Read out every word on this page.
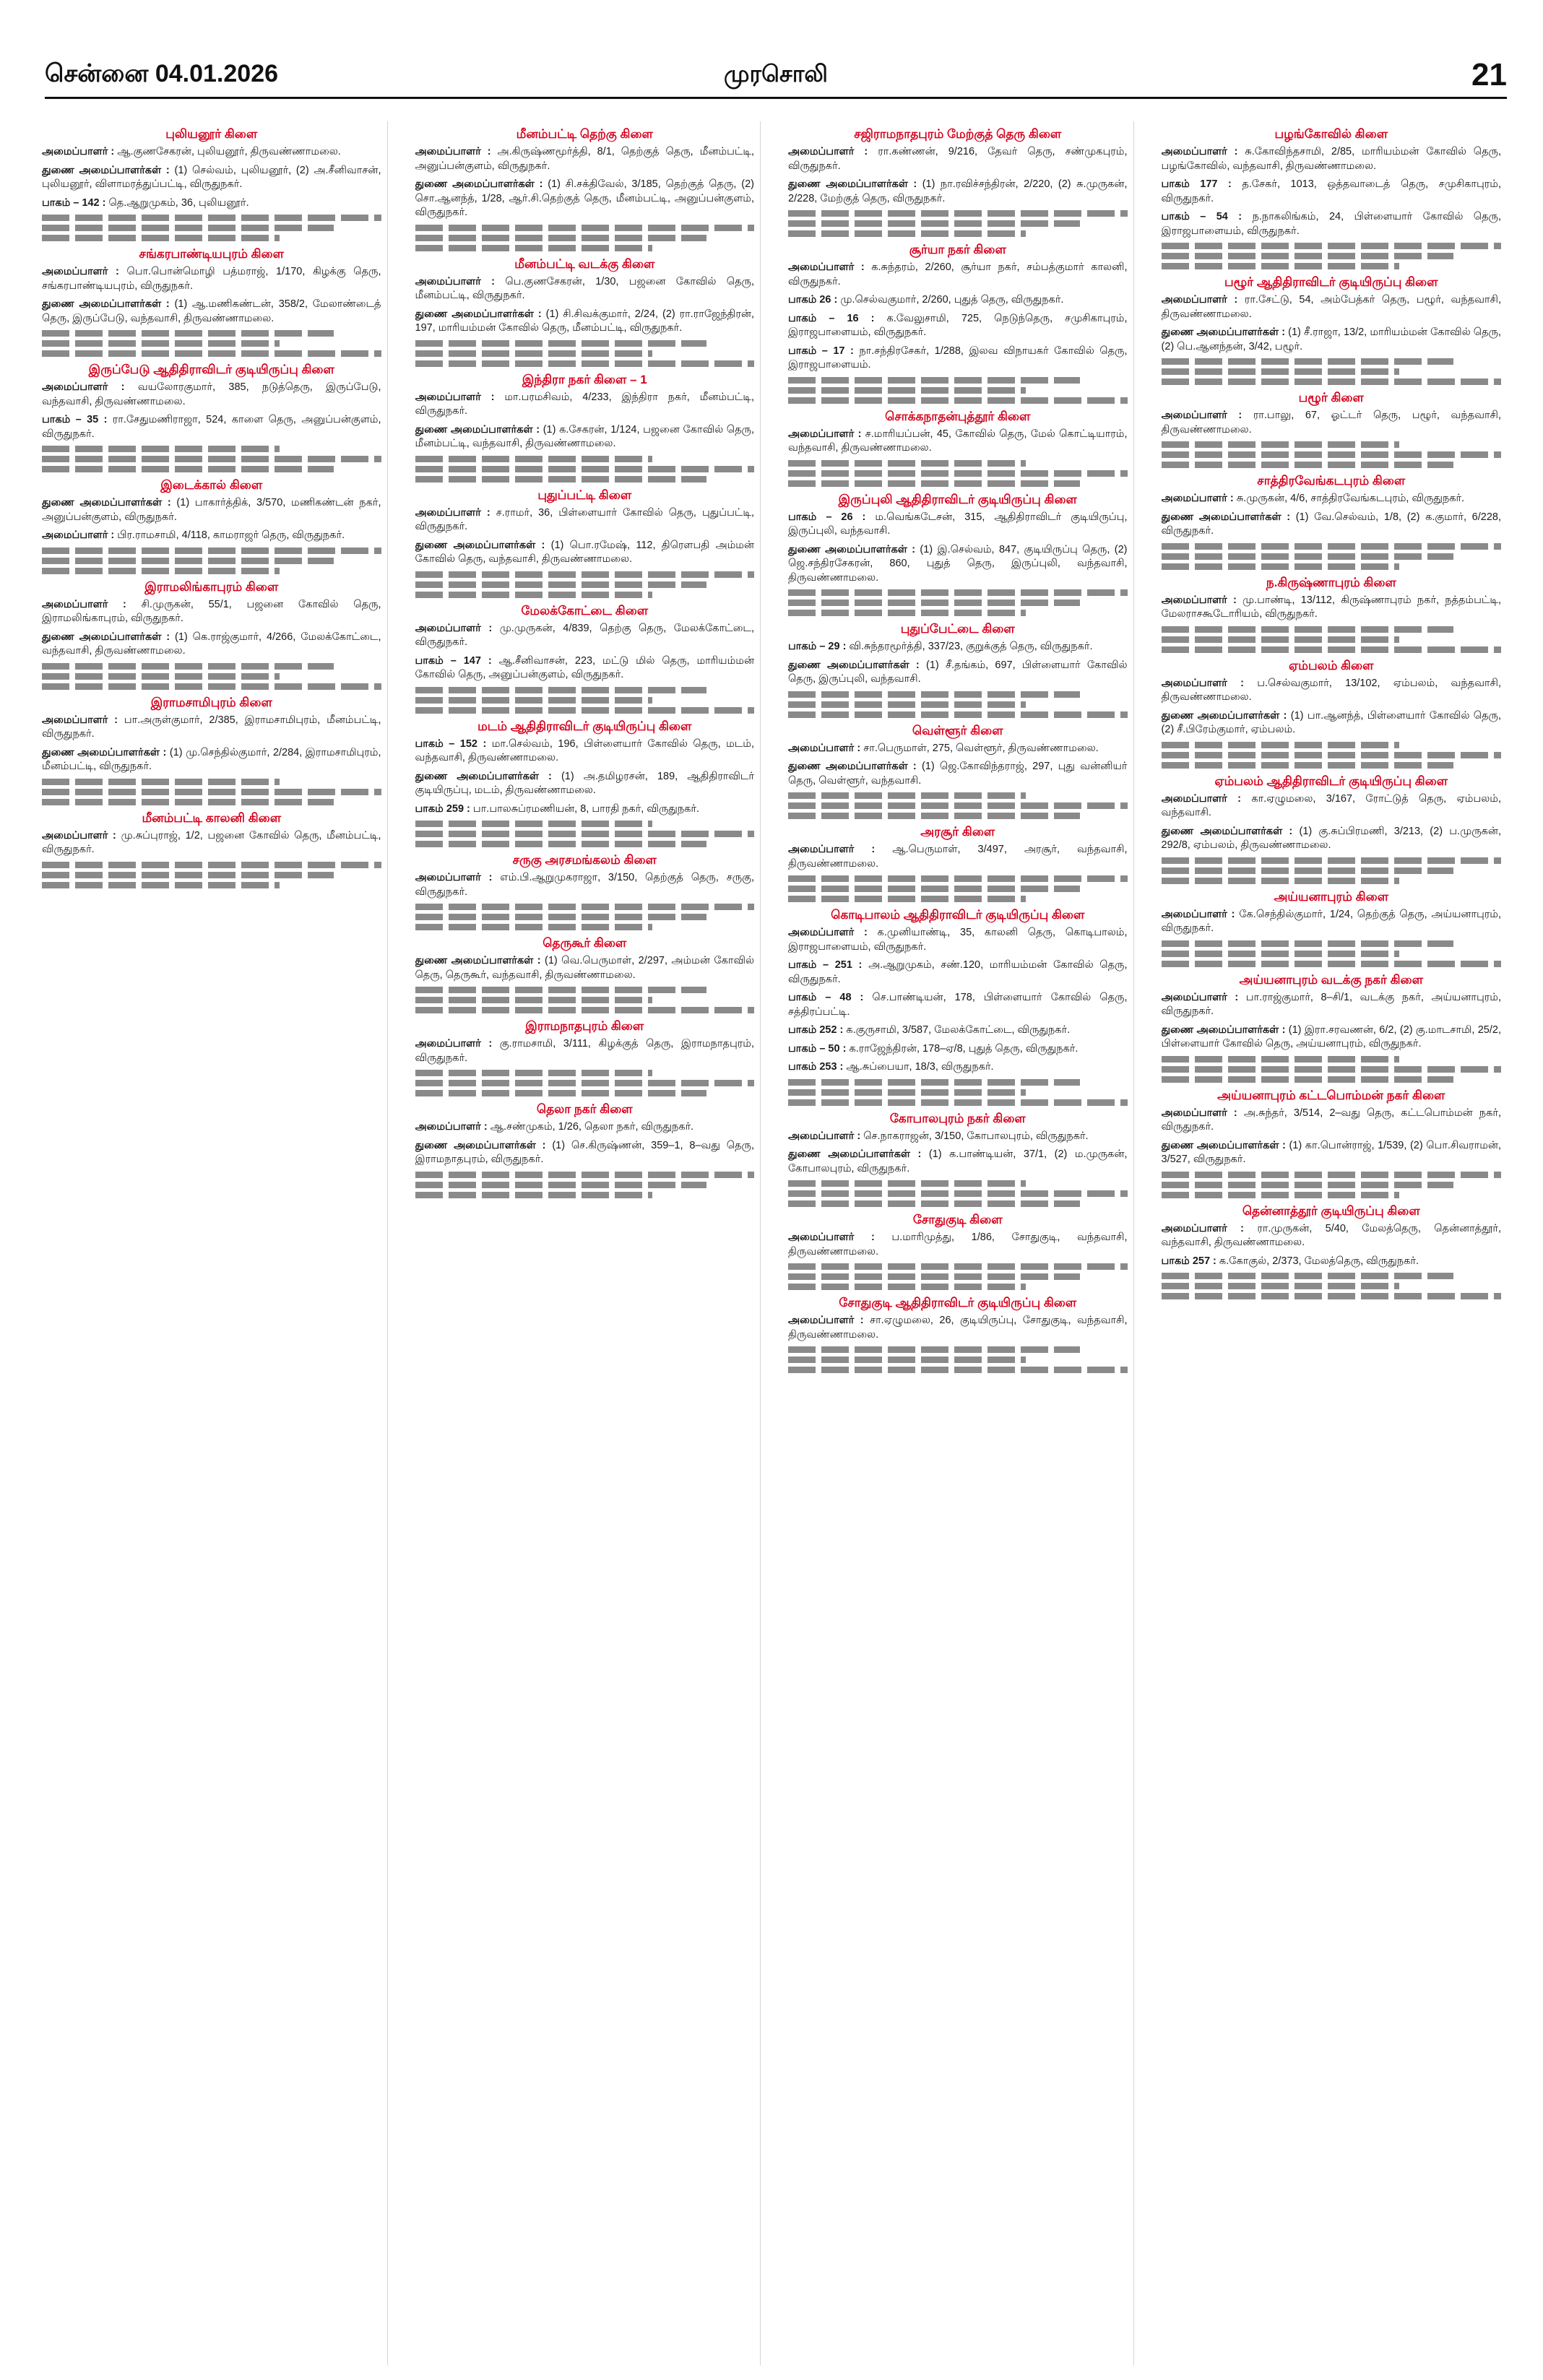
சென்னை 04.01.2026	முரசொலி	21
புலியனூர் கிளை

அமைப்பாளர் : ஆ.குணசேகரன், புலியனூர், திருவண்ணாமலை.

துணை அமைப்பாளர்கள் : (1) செல்வம், புலியனூர், (2) அ.சீனிவாசன், புலியனூர், விளாமரத்துப்பட்டி, விருதுநகர்.

பாகம் – 142 : தெ.ஆறுமுகம், 36, புலியனூர்.

சங்கரபாண்டியபுரம் கிளை

அமைப்பாளர் : பொ.பொன்மொழி பத்மராஜ், 1/170, கிழக்கு தெரு, சங்கரபாண்டியபுரம், விருதுநகர்.

துணை அமைப்பாளர்கள் : (1) ஆ.மணிகண்டன், 358/2, மேலாண்டைத் தெரு, இருப்பேடு, வந்தவாசி, திருவண்ணாமலை.

இருப்பேடு ஆதிதிராவிடர் குடியிருப்பு கிளை

அமைப்பாளர் : வயலோரகுமார், 385, நடுத்தெரு, இருப்பேடு, வந்தவாசி, திருவண்ணாமலை.

பாகம் – 35 : ரா.சேதுமணிராஜா, 524, காளை தெரு, அனுப்பன்குளம், விருதுநகர்.

இடைக்கால் கிளை

துணை அமைப்பாளர்கள் : (1) பாகார்த்திக், 3/570, மணிகண்டன் நகர், அனுப்பன்குளம், விருதுநகர்.

அமைப்பாளர் : பிர.ராமசாமி, 4/118, காமராஜர் தெரு, விருதுநகர்.

இராமலிங்காபுரம் கிளை

அமைப்பாளர் : சி.முருகன், 55/1, பஜனை கோவில் தெரு, இராமலிங்காபுரம், விருதுநகர்.

துணை அமைப்பாளர்கள் : (1) கெ.ராஜ்குமார், 4/266, மேலக்கோட்டை, வந்தவாசி, திருவண்ணாமலை.

இராமசாமிபுரம் கிளை

அமைப்பாளர் : பா.அருள்குமார், 2/385, இராமசாமிபுரம், மீனம்பட்டி, விருதுநகர்.

துணை அமைப்பாளர்கள் : (1) மு.செந்தில்குமார், 2/284, இராமசாமிபுரம், மீனம்பட்டி, விருதுநகர்.

மீனம்பட்டி காலனி கிளை

அமைப்பாளர் : மு.சுப்புராஜ், 1/2, பஜனை கோவில் தெரு, மீனம்பட்டி, விருதுநகர்.

மீனம்பட்டி தெற்கு கிளை

அமைப்பாளர் : அ.கிருஷ்ணமூர்த்தி, 8/1, தெற்குத் தெரு, மீனம்பட்டி, அனுப்பன்குளம், விருதுநகர்.

துணை அமைப்பாளர்கள் : (1) சி.சக்திவேல், 3/185, தெற்குத் தெரு, (2) சொ.ஆனந்த், 1/28, ஆர்.சி.தெற்குத் தெரு, மீனம்பட்டி, அனுப்பன்குளம், விருதுநகர்.

மீனம்பட்டி வடக்கு கிளை

அமைப்பாளர் : பெ.குணசேகரன், 1/30, பஜனை கோவில் தெரு, மீனம்பட்டி, விருதுநகர்.

துணை அமைப்பாளர்கள் : (1) சி.சிவக்குமார், 2/24, (2) ரா.ராஜேந்திரன், 197, மாரியம்மன் கோவில் தெரு, மீனம்பட்டி, விருதுநகர்.

இந்திரா நகர் கிளை – 1

அமைப்பாளர் : மா.பரமசிவம், 4/233, இந்திரா நகர், மீனம்பட்டி, விருதுநகர்.

துணை அமைப்பாளர்கள் : (1) க.சேகரன், 1/124, பஜனை கோவில் தெரு, மீனம்பட்டி, வந்தவாசி, திருவண்ணாமலை.

புதுப்பட்டி கிளை

அமைப்பாளர் : ச.ராமர், 36, பிள்ளையார் கோவில் தெரு, புதுப்பட்டி, விருதுநகர்.

துணை அமைப்பாளர்கள் : (1) பொ.ரமேஷ், 112, திரௌபதி அம்மன் கோவில் தெரு, வந்தவாசி, திருவண்ணாமலை.

மேலக்கோட்டை கிளை

அமைப்பாளர் : மு.முருகன், 4/839, தெற்கு தெரு, மேலக்கோட்டை, விருதுநகர்.

பாகம் – 147 : ஆ.சீனிவாசன், 223, மட்டு மில் தெரு, மாரியம்மன் கோவில் தெரு, அனுப்பன்குளம், விருதுநகர்.

மடம் ஆதிதிராவிடர் குடியிருப்பு கிளை

பாகம் – 152 : மா.செல்வம், 196, பிள்ளையார் கோவில் தெரு, மடம், வந்தவாசி, திருவண்ணாமலை.

துணை அமைப்பாளர்கள் : (1) அ.தமிழரசன், 189, ஆதிதிராவிடர் குடியிருப்பு, மடம், திருவண்ணாமலை.

பாகம் 259 : பா.பாலசுப்ரமணியன், 8, பாரதி நகர், விருதுநகர்.

சருகு அரசமங்கலம் கிளை

அமைப்பாளர் : எம்.பி.ஆறுமுகராஜா, 3/150, தெற்குத் தெரு, சருகு, விருதுநகர்.

தெருகூர் கிளை

துணை அமைப்பாளர்கள் : (1) வெ.பெருமாள், 2/297, அம்மன் கோவில் தெரு, தெருகூர், வந்தவாசி, திருவண்ணாமலை.

இராமநாதபுரம் கிளை

அமைப்பாளர் : கு.ராமசாமி, 3/111, கிழக்குத் தெரு, இராமநாதபுரம், விருதுநகர்.

தெலா நகர் கிளை

அமைப்பாளர் : ஆ.சண்முகம், 1/26, தெலா நகர், விருதுநகர்.

துணை அமைப்பாளர்கள் : (1) செ.கிருஷ்ணன், 359–1, 8–வது தெரு, இராமநாதபுரம், விருதுநகர்.

சஜிராமநாதபுரம் மேற்குத் தெரு கிளை

அமைப்பாளர் : ரா.கண்ணன், 9/216, தேவர் தெரு, சண்முகபுரம், விருதுநகர்.

துணை அமைப்பாளர்கள் : (1) நா.ரவிச்சந்திரன், 2/220, (2) சு.முருகன், 2/228, மேற்குத் தெரு, விருதுநகர்.

சூர்யா நகர் கிளை

அமைப்பாளர் : க.சுந்தரம், 2/260, சூர்யா நகர், சம்பத்குமார் காலனி, விருதுநகர்.

பாகம் 26 : மு.செல்வகுமார், 2/260, புதுத் தெரு, விருதுநகர்.

பாகம் – 16 : க.வேலுசாமி, 725, நெடுந்தெரு, சமுசிகாபுரம், இராஜபாளையம், விருதுநகர்.

பாகம் – 17 : நா.சந்திரசேகர், 1/288, இலவ விநாயகர் கோவில் தெரு, இராஜபாளையம்.

சொக்கநாதன்புத்தூர் கிளை

அமைப்பாளர் : ச.மாரியப்பன், 45, கோவில் தெரு, மேல் கொட்டியாரம், வந்தவாசி, திருவண்ணாமலை.

இருப்புலி ஆதிதிராவிடர் குடியிருப்பு கிளை

பாகம் – 26 : ம.வெங்கடேசன், 315, ஆதிதிராவிடர் குடியிருப்பு, இருப்புலி, வந்தவாசி.

துணை அமைப்பாளர்கள் : (1) இ.செல்வம், 847, குடியிருப்பு தெரு, (2) ஜெ.சந்திரசேகரன், 860, புதுத் தெரு, இருப்புலி, வந்தவாசி, திருவண்ணாமலை.

புதுப்பேட்டை கிளை

பாகம் – 29 : வி.சுந்தரமூர்த்தி, 337/23, குறுக்குத் தெரு, விருதுநகர்.

துணை அமைப்பாளர்கள் : (1) சீ.தங்கம், 697, பிள்ளையார் கோவில் தெரு, இருப்புலி, வந்தவாசி.

வெள்ளூர் கிளை

அமைப்பாளர் : சா.பெருமாள், 275, வெள்ளூர், திருவண்ணாமலை.

துணை அமைப்பாளர்கள் : (1) ஜெ.கோவிந்தராஜ், 297, புது வன்னியர் தெரு, வெள்ளூர், வந்தவாசி.

அரசூர் கிளை

அமைப்பாளர் : ஆ.பெருமாள், 3/497, அரசூர், வந்தவாசி, திருவண்ணாமலை.

கொடிபாலம் ஆதிதிராவிடர் குடியிருப்பு கிளை

அமைப்பாளர் : க.முனியாண்டி, 35, காலனி தெரு, கொடிபாலம், இராஜபாளையம், விருதுநகர்.

பாகம் – 251 : அ.ஆறுமுகம், சண்.120, மாரியம்மன் கோவில் தெரு, விருதுநகர்.

பாகம் – 48 : செ.பாண்டியன், 178, பிள்ளையார் கோவில் தெரு, சத்திரப்பட்டி.

பாகம் 252 : க.குருசாமி, 3/587, மேலக்கோட்டை, விருதுநகர்.

பாகம் – 50 : க.ராஜேந்திரன், 178–ஏ/8, புதுத் தெரு, விருதுநகர்.

பாகம் 253 : ஆ.சுப்பையா, 18/3, விருதுநகர்.

கோபாலபுரம் நகர் கிளை

அமைப்பாளர் : செ.நாகராஜன், 3/150, கோபாலபுரம், விருதுநகர்.

துணை அமைப்பாளர்கள் : (1) க.பாண்டியன், 37/1, (2) ம.முருகன், கோபாலபுரம், விருதுநகர்.

சோதுகுடி கிளை

அமைப்பாளர் : ப.மாரிமுத்து, 1/86, சோதுகுடி, வந்தவாசி, திருவண்ணாமலை.

சோதுகுடி ஆதிதிராவிடர் குடியிருப்பு கிளை

அமைப்பாளர் : சா.ஏழுமலை, 26, குடியிருப்பு, சோதுகுடி, வந்தவாசி, திருவண்ணாமலை.

பழங்கோவில் கிளை

அமைப்பாளர் : சு.கோவிந்தசாமி, 2/85, மாரியம்மன் கோவில் தெரு, பழங்கோவில், வந்தவாசி, திருவண்ணாமலை.

பாகம் 177 : த.சேகர், 1013, ஒத்தவாடைத் தெரு, சமுசிகாபுரம், விருதுநகர்.

பாகம் – 54 : ந.நாகலிங்கம், 24, பிள்ளையார் கோவில் தெரு, இராஜபாளையம், விருதுநகர்.

பழூர் ஆதிதிராவிடர் குடியிருப்பு கிளை

அமைப்பாளர் : ரா.சேட்டு, 54, அம்பேத்கர் தெரு, பழூர், வந்தவாசி, திருவண்ணாமலை.

துணை அமைப்பாளர்கள் : (1) சீ.ராஜா, 13/2, மாரியம்மன் கோவில் தெரு, (2) பெ.ஆனந்தன், 3/42, பழூர்.

பழூர் கிளை

அமைப்பாளர் : ரா.பாலு, 67, ஓட்டர் தெரு, பழூர், வந்தவாசி, திருவண்ணாமலை.

சாத்திரவேங்கடபுரம் கிளை

அமைப்பாளர் : சு.முருகன், 4/6, சாத்திரவேங்கடபுரம், விருதுநகர்.

துணை அமைப்பாளர்கள் : (1) வே.செல்வம், 1/8, (2) க.குமார், 6/228, விருதுநகர்.

ந.கிருஷ்ணாபுரம் கிளை

அமைப்பாளர் : மு.பாண்டி, 13/112, கிருஷ்ணாபுரம் நகர், நத்தம்பட்டி, மேலராசகூடோரியம், விருதுநகர்.

ஏம்பலம் கிளை

அமைப்பாளர் : ப.செல்வகுமார், 13/102, ஏம்பலம், வந்தவாசி, திருவண்ணாமலை.

துணை அமைப்பாளர்கள் : (1) பா.ஆனந்த், பிள்ளையார் கோவில் தெரு, (2) சீ.பிரேம்குமார், ஏம்பலம்.

ஏம்பலம் ஆதிதிராவிடர் குடியிருப்பு கிளை

அமைப்பாளர் : கா.ஏழுமலை, 3/167, ரோட்டுத் தெரு, ஏம்பலம், வந்தவாசி.

துணை அமைப்பாளர்கள் : (1) கு.சுப்பிரமணி, 3/213, (2) ப.முருகன், 292/8, ஏம்பலம், திருவண்ணாமலை.

அய்யனாபுரம் கிளை

அமைப்பாளர் : கே.செந்தில்குமார், 1/24, தெற்குத் தெரு, அய்யனாபுரம், விருதுநகர்.

அய்யனாபுரம் வடக்கு நகர் கிளை

அமைப்பாளர் : பா.ராஜ்குமார், 8–சி/1, வடக்கு நகர், அய்யனாபுரம், விருதுநகர்.

துணை அமைப்பாளர்கள் : (1) இரா.சரவணன், 6/2, (2) கு.மாடசாமி, 25/2, பிள்ளையார் கோவில் தெரு, அய்யனாபுரம், விருதுநகர்.

அய்யனாபுரம் கட்டபொம்மன் நகர் கிளை

அமைப்பாளர் : அ.சுந்தர், 3/514, 2–வது தெரு, கட்டபொம்மன் நகர், விருதுநகர்.

துணை அமைப்பாளர்கள் : (1) கா.பொன்ராஜ், 1/539, (2) பொ.சிவராமன், 3/527, விருதுநகர்.

தென்னாத்தூர் குடியிருப்பு கிளை

அமைப்பாளர் : ரா.முருகன், 5/40, மேலத்தெரு, தென்னாத்தூர், வந்தவாசி, திருவண்ணாமலை.

பாகம் 257 : க.கோகுல், 2/373, மேலத்தெரு, விருதுநகர்.
